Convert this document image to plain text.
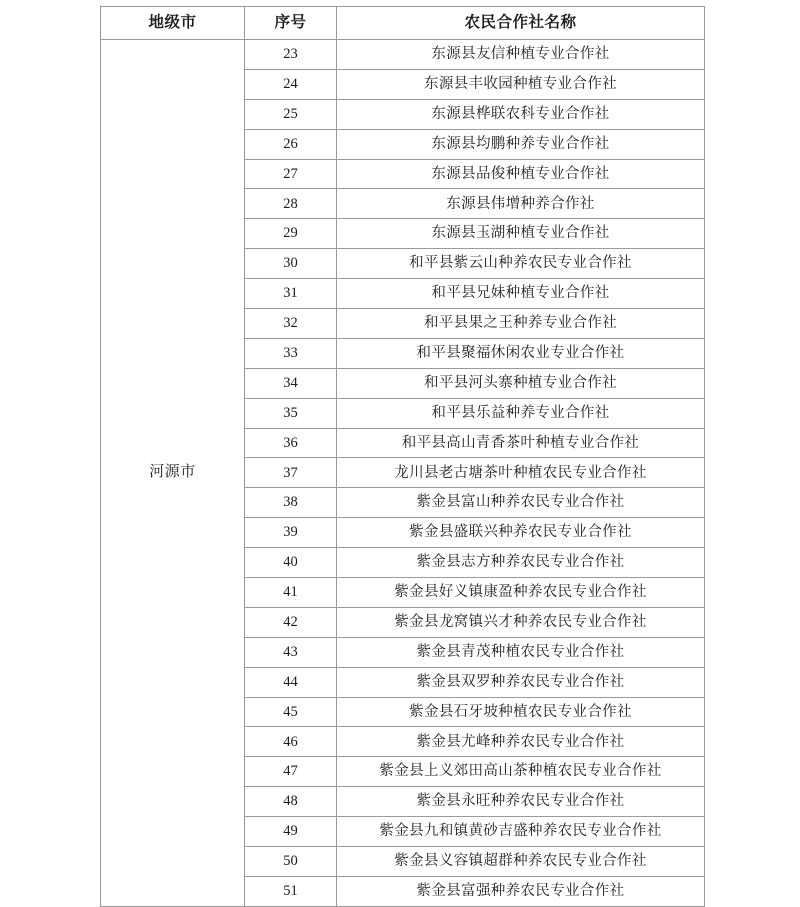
地级市	序号	农民合作社名称
河源市	23	东源县友信种植专业合作社
	24	东源县丰收园种植专业合作社
	25	东源县桦联农科专业合作社
	26	东源县均鹏种养专业合作社
	27	东源县品俊种植专业合作社
	28	东源县伟增种养合作社
	29	东源县玉湖种植专业合作社
	30	和平县紫云山种养农民专业合作社
	31	和平县兄妹种植专业合作社
	32	和平县果之王种养专业合作社
	33	和平县聚福休闲农业专业合作社
	34	和平县河头寨种植专业合作社
	35	和平县乐益种养专业合作社
	36	和平县高山青香茶叶种植专业合作社
	37	龙川县老古塘茶叶种植农民专业合作社
	38	紫金县富山种养农民专业合作社
	39	紫金县盛联兴种养农民专业合作社
	40	紫金县志方种养农民专业合作社
	41	紫金县好义镇康盈种养农民专业合作社
	42	紫金县龙窝镇兴才种养农民专业合作社
	43	紫金县青茂种植农民专业合作社
	44	紫金县双罗种养农民专业合作社
	45	紫金县石牙坡种植农民专业合作社
	46	紫金县尤峰种养农民专业合作社
	47	紫金县上义郊田高山茶种植农民专业合作社
	48	紫金县永旺种养农民专业合作社
	49	紫金县九和镇黄砂吉盛种养农民专业合作社
	50	紫金县义容镇超群种养农民专业合作社
	51	紫金县富强种养农民专业合作社
